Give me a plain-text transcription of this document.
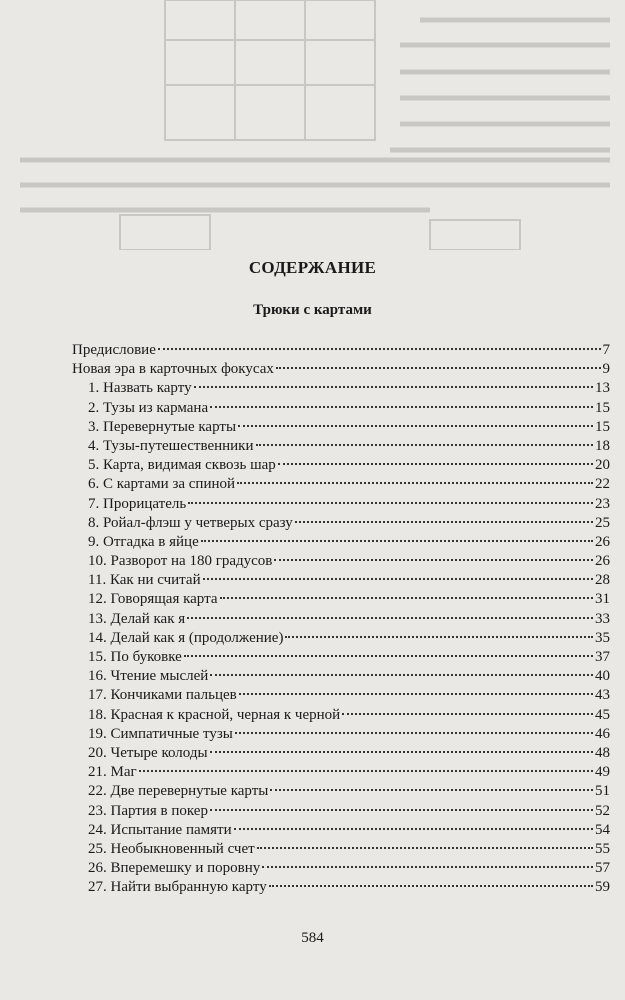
СОДЕРЖАНИЕ
Трюки с картами
Предисловие	7
Новая эра в карточных фокусах	9
1. Назвать карту	13
2. Тузы из кармана	15
3. Перевернутые карты	15
4. Тузы-путешественники	18
5. Карта, видимая сквозь шар	20
6. С картами за спиной	22
7. Прорицатель	23
8. Ройал-флэш у четверых сразу	25
9. Отгадка в яйце	26
10. Разворот на 180 градусов	26
11. Как ни считай	28
12. Говорящая карта	31
13. Делай как я	33
14. Делай как я (продолжение)	35
15. По буковке	37
16. Чтение мыслей	40
17. Кончиками пальцев	43
18. Красная к красной, черная к черной	45
19. Симпатичные тузы	46
20. Четыре колоды	48
21. Маг	49
22. Две перевернутые карты	51
23. Партия в покер	52
24. Испытание памяти	54
25. Необыкновенный счет	55
26. Вперемешку и поровну	57
27. Найти выбранную карту	59
584
